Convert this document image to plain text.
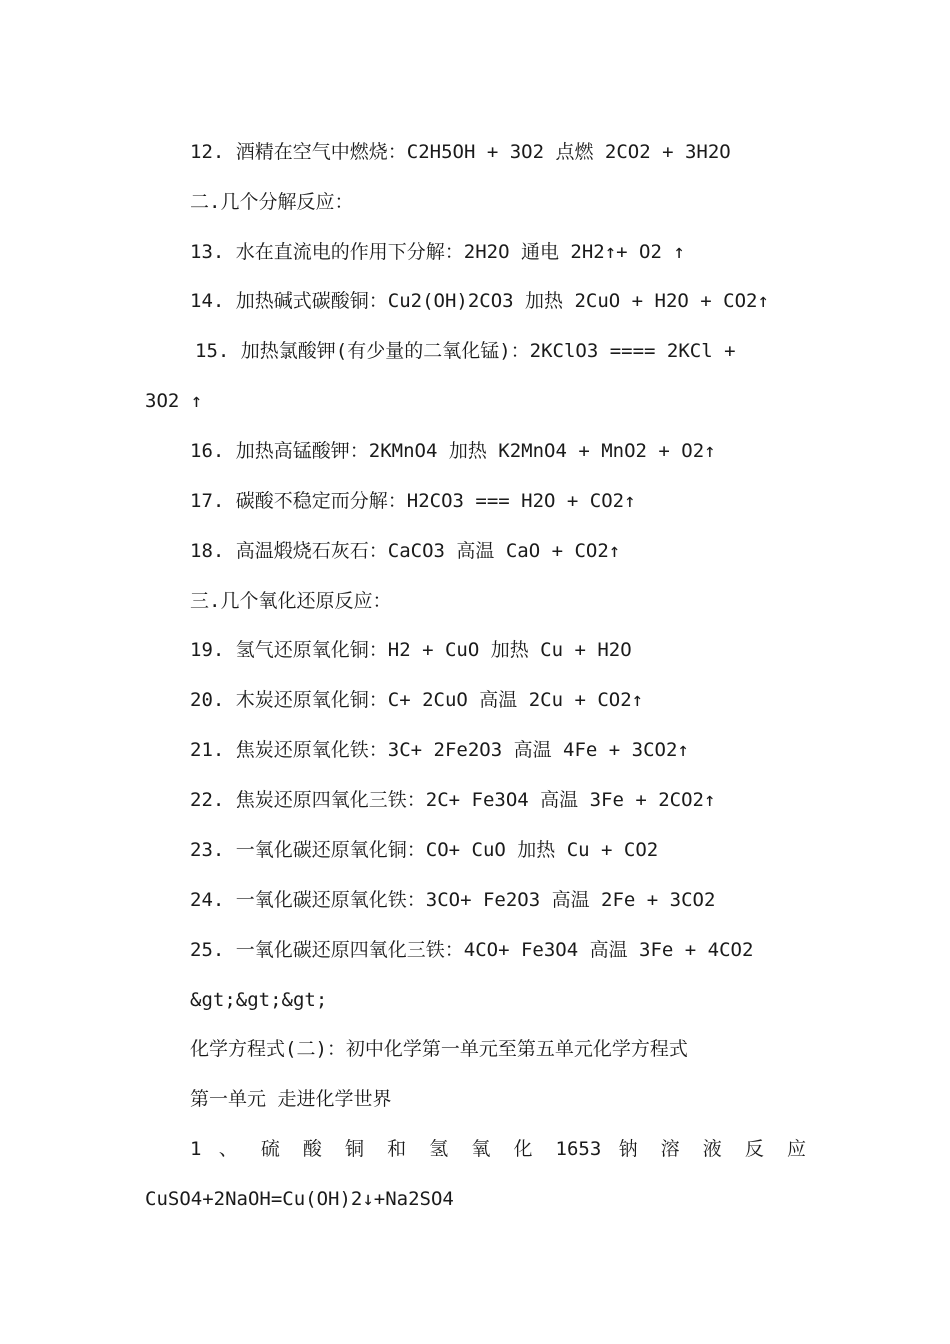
12. 酒精在空气中燃烧：C2H5OH + 3O2 点燃 2CO2 + 3H2O
二.几个分解反应：
13. 水在直流电的作用下分解：2H2O 通电 2H2↑+ O2 ↑
14. 加热碱式碳酸铜：Cu2(OH)2CO3 加热 2CuO + H2O + CO2↑
15. 加热氯酸钾(有少量的二氧化锰)：2KClO3 ==== 2KCl +
3O2 ↑
16. 加热高锰酸钾：2KMnO4 加热 K2MnO4 + MnO2 + O2↑
17. 碳酸不稳定而分解：H2CO3 === H2O + CO2↑
18. 高温煅烧石灰石：CaCO3 高温 CaO + CO2↑
三.几个氧化还原反应：
19. 氢气还原氧化铜：H2 + CuO 加热 Cu + H2O
20. 木炭还原氧化铜：C+ 2CuO 高温 2Cu + CO2↑
21. 焦炭还原氧化铁：3C+ 2Fe2O3 高温 4Fe + 3CO2↑
22. 焦炭还原四氧化三铁：2C+ Fe3O4 高温 3Fe + 2CO2↑
23. 一氧化碳还原氧化铜：CO+ CuO 加热 Cu + CO2
24. 一氧化碳还原氧化铁：3CO+ Fe2O3 高温 2Fe + 3CO2
25. 一氧化碳还原四氧化三铁：4CO+ Fe3O4 高温 3Fe + 4CO2
&gt;&gt;&gt;
化学方程式(二)：初中化学第一单元至第五单元化学方程式
第一单元 走进化学世界
1 、 硫 酸 铜 和 氢 氧 化 1653 钠 溶 液 反 应
CuSO4+2NaOH=Cu(OH)2↓+Na2SO4
